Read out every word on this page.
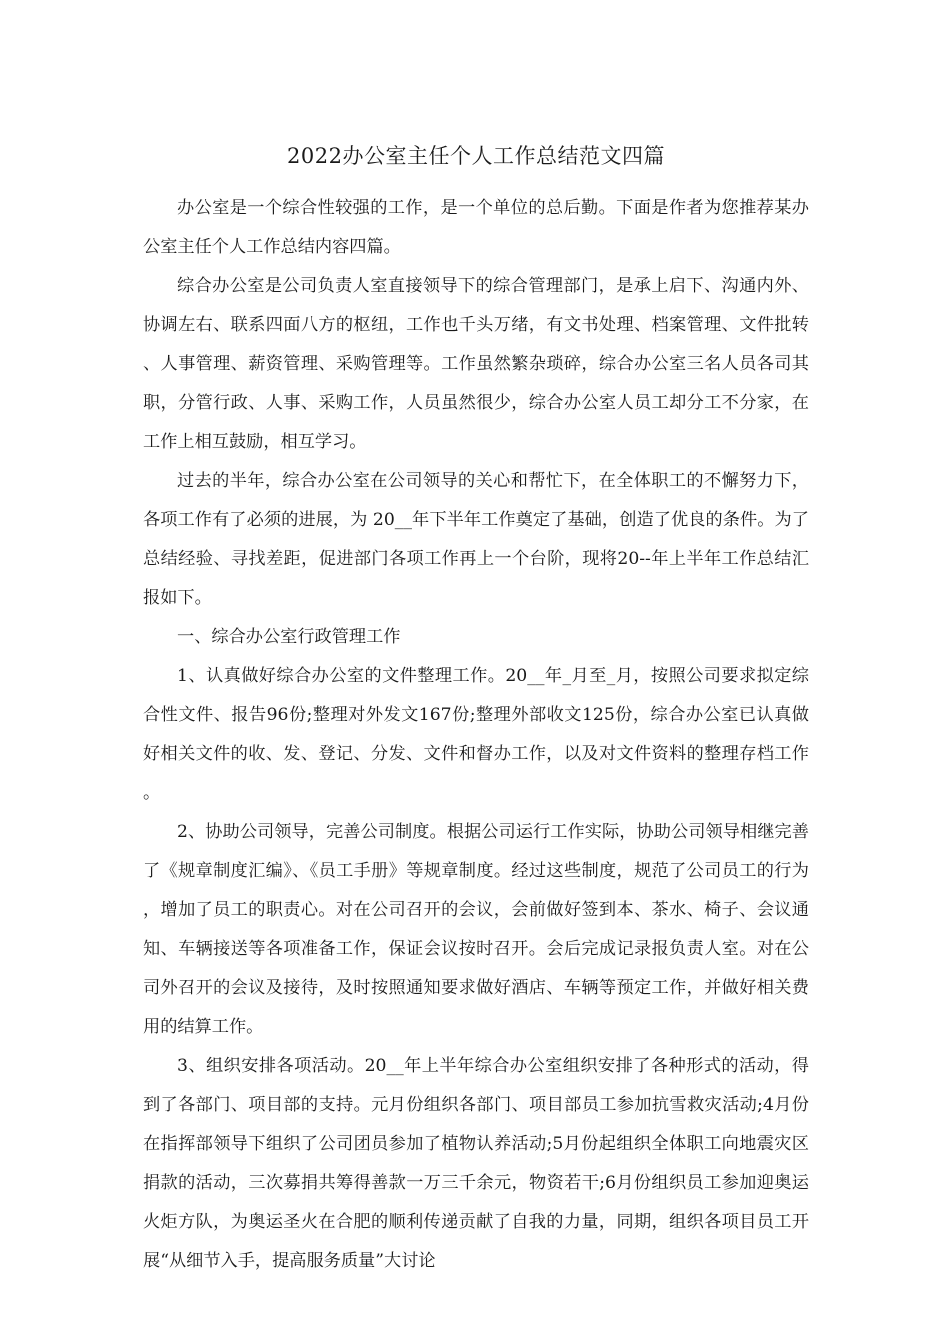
2022办公室主任个人工作总结范文四篇

办公室是一个综合性较强的工作，是一个单位的总后勤。下面是作者为您推荐某办公室主任个人工作总结内容四篇。

综合办公室是公司负责人室直接领导下的综合管理部门，是承上启下、沟通内外、协调左右、联系四面八方的枢纽，工作也千头万绪，有文书处理、档案管理、文件批转、人事管理、薪资管理、采购管理等。工作虽然繁杂琐碎，综合办公室三名人员各司其职，分管行政、人事、采购工作，人员虽然很少，综合办公室人员工却分工不分家，在工作上相互鼓励，相互学习。

过去的半年，综合办公室在公司领导的关心和帮忙下，在全体职工的不懈努力下，各项工作有了必须的进展，为 20__年下半年工作奠定了基础，创造了优良的条件。为了总结经验、寻找差距，促进部门各项工作再上一个台阶，现将20--年上半年工作总结汇报如下。

一、综合办公室行政管理工作

1、认真做好综合办公室的文件整理工作。20__年_月至_月，按照公司要求拟定综合性文件、报告96份;整理对外发文167份;整理外部收文125份，综合办公室已认真做好相关文件的收、发、登记、分发、文件和督办工作，以及对文件资料的整理存档工作。

2、协助公司领导，完善公司制度。根据公司运行工作实际，协助公司领导相继完善了《规章制度汇编》、《员工手册》等规章制度。经过这些制度，规范了公司员工的行为，增加了员工的职责心。对在公司召开的会议，会前做好签到本、茶水、椅子、会议通知、车辆接送等各项准备工作，保证会议按时召开。会后完成记录报负责人室。对在公司外召开的会议及接待，及时按照通知要求做好酒店、车辆等预定工作，并做好相关费用的结算工作。

3、组织安排各项活动。20__年上半年综合办公室组织安排了各种形式的活动，得到了各部门、项目部的支持。元月份组织各部门、项目部员工参加抗雪救灾活动;4月份在指挥部领导下组织了公司团员参加了植物认养活动;5月份起组织全体职工向地震灾区捐款的活动，三次募捐共筹得善款一万三千余元，物资若干;6月份组织员工参加迎奥运火炬方队，为奥运圣火在合肥的顺利传递贡献了自我的力量，同期，组织各项目员工开展“从细节入手，提高服务质量”大讨论
